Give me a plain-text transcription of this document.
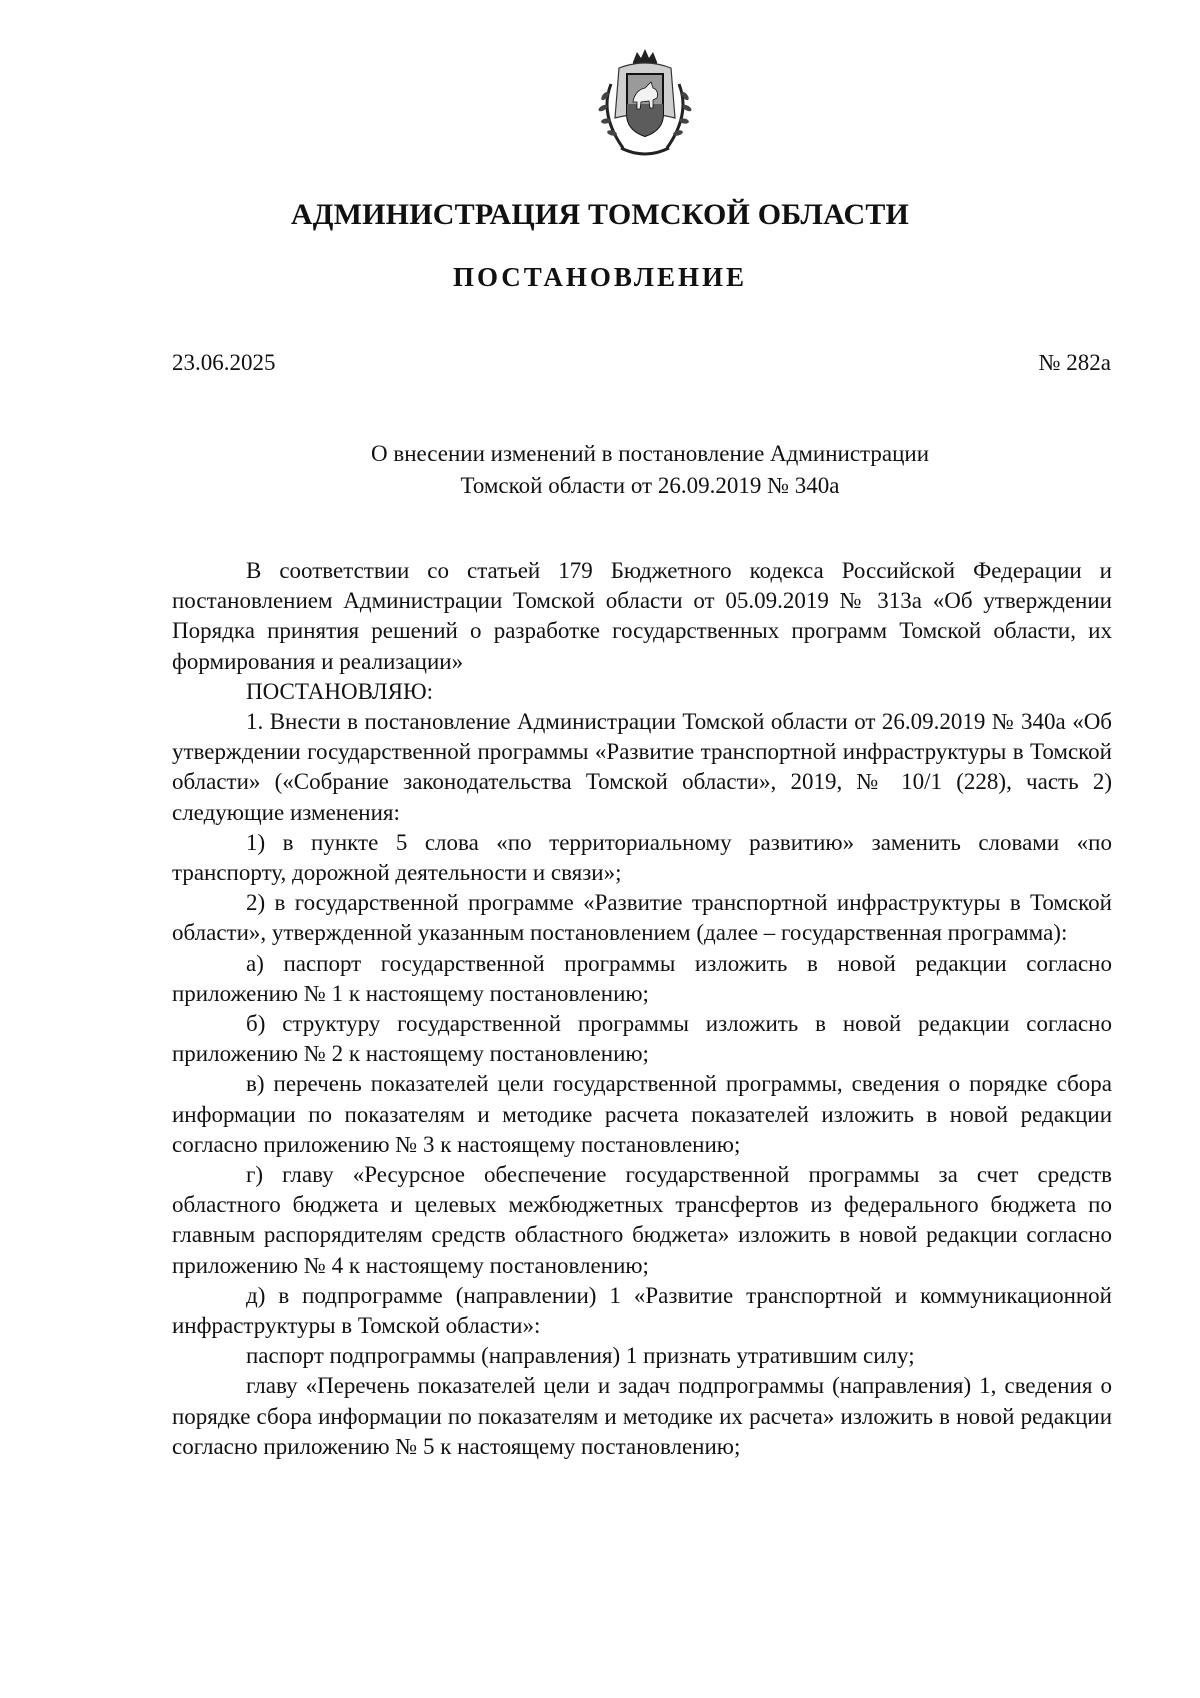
АДМИНИСТРАЦИЯ ТОМСКОЙ ОБЛАСТИ
ПОСТАНОВЛЕНИЕ
23.06.2025	№ 282а
О внесении изменений в постановление Администрации
Томской области от 26.09.2019 № 340а

В соответствии со статьей 179 Бюджетного кодекса Российской Федерации и постановлением Администрации Томской области от 05.09.2019 № 313а «Об утверждении Порядка принятия решений о разработке государственных программ Томской области, их формирования и реализации»

ПОСТАНОВЛЯЮ:

1. Внести в постановление Администрации Томской области от 26.09.2019 № 340а «Об утверждении государственной программы «Развитие транспортной инфраструктуры в Томской области» («Собрание законодательства Томской области», 2019, № 10/1 (228), часть 2) следующие изменения:

1) в пункте 5 слова «по территориальному развитию» заменить словами «по транспорту, дорожной деятельности и связи»;

2) в государственной программе «Развитие транспортной инфраструктуры в Томской области», утвержденной указанным постановлением (далее – государственная программа):

а) паспорт государственной программы изложить в новой редакции согласно приложению № 1 к настоящему постановлению;

б) структуру государственной программы изложить в новой редакции согласно приложению № 2 к настоящему постановлению;

в) перечень показателей цели государственной программы, сведения о порядке сбора информации по показателям и методике расчета показателей изложить в новой редакции согласно приложению № 3 к настоящему постановлению;

г) главу «Ресурсное обеспечение государственной программы за счет средств областного бюджета и целевых межбюджетных трансфертов из федерального бюджета по главным распорядителям средств областного бюджета» изложить в новой редакции согласно приложению № 4 к настоящему постановлению;

д) в подпрограмме (направлении) 1 «Развитие транспортной и коммуникационной инфраструктуры в Томской области»:

паспорт подпрограммы (направления) 1 признать утратившим силу;

главу «Перечень показателей цели и задач подпрограммы (направления) 1, сведения о порядке сбора информации по показателям и методике их расчета» изложить в новой редакции согласно приложению № 5 к настоящему постановлению;
